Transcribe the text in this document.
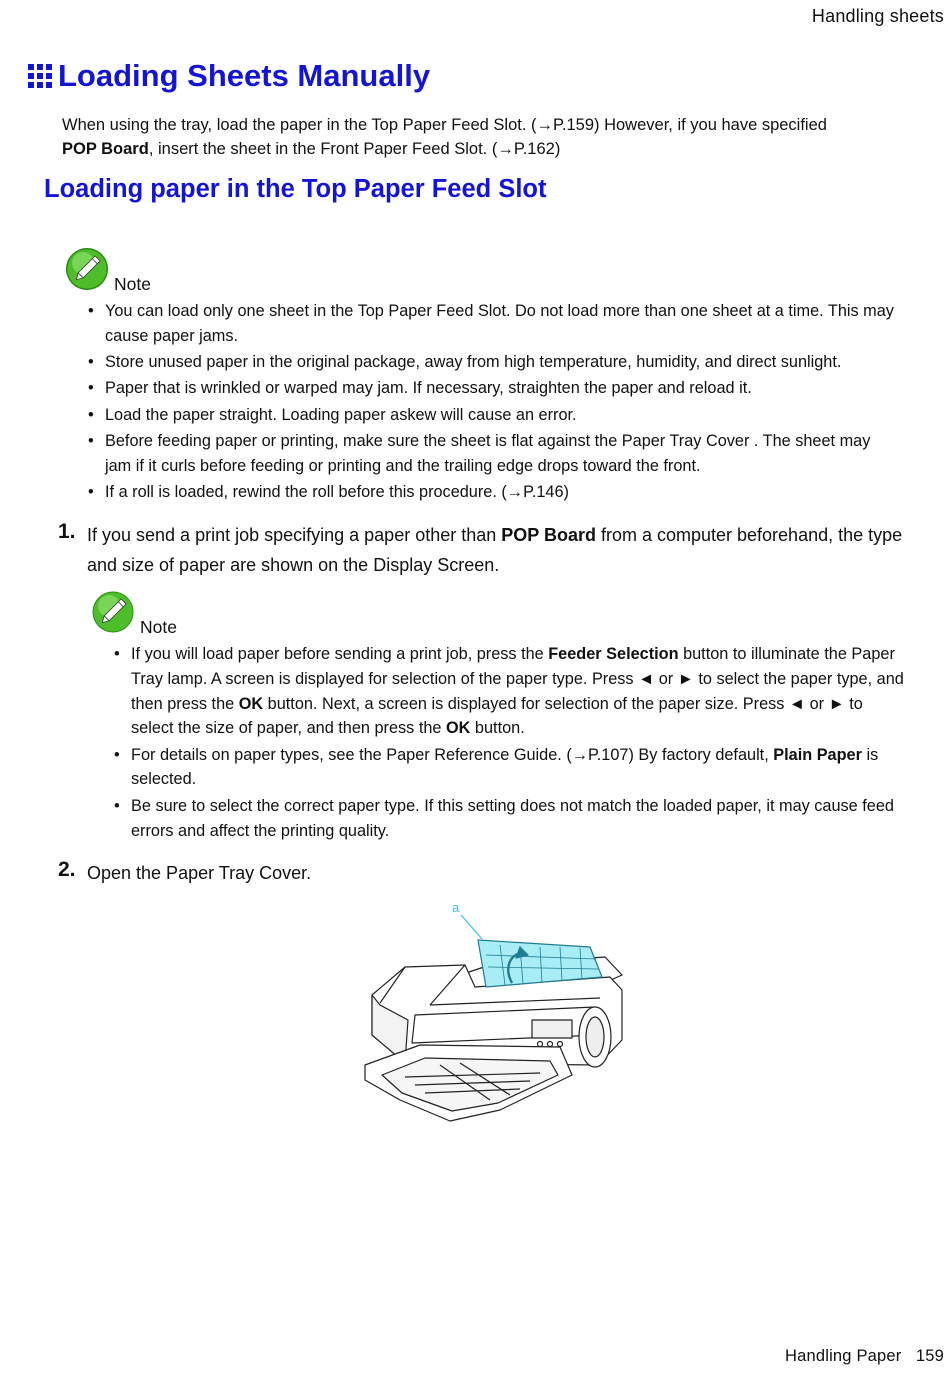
Handling sheets
Loading Sheets Manually
When using the tray, load the paper in the Top Paper Feed Slot. (→P.159) However, if you have specified
POP Board, insert the sheet in the Front Paper Feed Slot. (→P.162)
Loading paper in the Top Paper Feed Slot
Note
• You can load only one sheet in the Top Paper Feed Slot. Do not load more than one sheet at a time. This may cause paper jams.
• Store unused paper in the original package, away from high temperature, humidity, and direct sunlight.
• Paper that is wrinkled or warped may jam. If necessary, straighten the paper and reload it.
• Load the paper straight. Loading paper askew will cause an error.
• Before feeding paper or printing, make sure the sheet is flat against the Paper Tray Cover . The sheet may jam if it curls before feeding or printing and the trailing edge drops toward the front.
• If a roll is loaded, rewind the roll before this procedure. (→P.146)
1. If you send a print job specifying a paper other than POP Board from a computer beforehand, the type and size of paper are shown on the Display Screen.
Note
• If you will load paper before sending a print job, press the Feeder Selection button to illuminate the Paper Tray lamp. A screen is displayed for selection of the paper type. Press ◄ or ► to select the paper type, and then press the OK button. Next, a screen is displayed for selection of the paper size. Press ◄ or ► to select the size of paper, and then press the OK button.
• For details on paper types, see the Paper Reference Guide. (→P.107) By factory default, Plain Paper is selected.
• Be sure to select the correct paper type. If this setting does not match the loaded paper, it may cause feed errors and affect the printing quality.
2. Open the Paper Tray Cover.
a
Handling Paper 159
